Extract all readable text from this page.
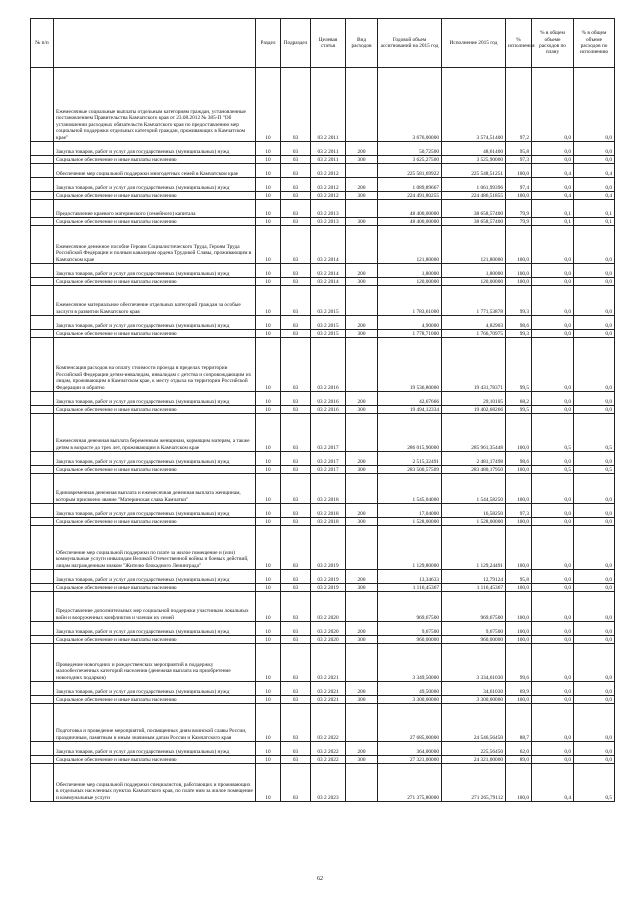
№ п/п		Раздел	Подраздел	Целевая статья	Вид расходов	Годовой объем ассигнований на 2015 год	Исполнение 2015 год	% исполнения	% в общем объеме расходов по плану	% в общем объеме расходов по исполнению
	Ежемесячные социальные выплаты отдельным категориям граждан, установленные постановлением Правительства Камчатского края от 23.08.2012 № 385-П "Об установлении расходных обязательств Камчатского края по предоставлению мер социальной поддержки отдельных категорий граждан, проживающих в Камчатском крае"	10	03	03 2 2011		3 676,00000	3 574,51400	97,2	0,0	0,0
	Закупка товаров, работ и услуг для государственных (муниципальных) нужд	10	03	03 2 2011	200	50,72500	48,61400	95,8	0,0	0,0
	Социальное обеспечение и иные выплаты населению	10	03	03 2 2011	300	3 625,27500	3 525,90000	97,3	0,0	0,0
	Обеспечение мер социальной поддержки многодетных семей в Камчатском крае	10	03	03 2 2012		225 581,69922	225 548,51251	100,0	0,4	0,4
	Закупка товаров, работ и услуг для государственных (муниципальных) нужд	10	03	03 2 2012	200	1 089,89667	1 061,99396	97,4	0,0	0,0
	Социальное обеспечение и иные выплаты населению	10	03	03 2 2012	300	224 491,80255	224 486,51855	100,0	0,4	0,4
	Предоставление краевого материнского (семейного) капитала	10	03	03 2 2013		48 400,00000	38 658,57400	79,9	0,1	0,1
	Социальное обеспечение и иные выплаты населению	10	03	03 2 2013	300	48 400,00000	38 658,57400	79,9	0,1	0,1
	Ежемесячное денежное пособие Героям Социалистического Труда, Героям Труда Российской Федерации и полным кавалерам ордена Трудовой Славы, проживающим в Камчатском крае	10	03	03 2 2014		121,80000	121,80000	100,0	0,0	0,0
	Закупка товаров, работ и услуг для государственных (муниципальных) нужд	10	03	03 2 2014	200	1,80000	1,80000	100,0	0,0	0,0
	Социальное обеспечение и иные выплаты населению	10	03	03 2 2014	300	120,00000	120,00000	100,0	0,0	0,0
	Ежемесячное материальное обеспечение отдельных категорий граждан за особые заслуги в развитии Камчатского края	10	03	03 2 2015		1 783,61000	1 771,53878	99,3	0,0	0,0
	Закупка товаров, работ и услуг для государственных (муниципальных) нужд	10	03	03 2 2015	200	4,90000	4,82903	98,6	0,0	0,0
	Социальное обеспечение и иные выплаты населению	10	03	03 2 2015	300	1 778,71000	1 766,70975	99,3	0,0	0,0
	Компенсация расходов на оплату стоимости проезда в пределах территории Российской Федерации детям-инвалидам, инвалидам с детства и сопровождающим их лицам, проживающим в Камчатском крае, к месту отдыха на территории Российской Федерации и обратно	10	03	03 2 2016		19 536,80000	19 431,78371	99,5	0,0	0,0
	Закупка товаров, работ и услуг для государственных (муниципальных) нужд	10	03	03 2 2016	200	42,67666	29,10105	68,2	0,0	0,0
	Социальное обеспечение и иные выплаты населению	10	03	03 2 2016	300	19 494,12334	19 402,68266	99,5	0,0	0,0
	Ежемесячная денежная выплата беременным женщинам, кормящим матерям, а также детям в возрасте до трех лет, проживающим в Камчатском крае	10	03	03 2 2017		286 015,90000	285 961,35448	100,0	0,5	0,5
	Закупка товаров, работ и услуг для государственных (муниципальных) нужд	10	03	03 2 2017	200	2 515,32491	2 481,17498	98,6	0,0	0,0
	Социальное обеспечение и иные выплаты населению	10	03	03 2 2017	300	283 500,57509	283 480,17950	100,0	0,5	0,5
	Единовременная денежная выплата и ежемесячная денежная выплата женщинам, которым присвоено звание "Материнская слава Камчатки"	10	03	03 2 2018		1 545,04000	1 544,58250	100,0	0,0	0,0
	Закупка товаров, работ и услуг для государственных (муниципальных) нужд	10	03	03 2 2018	200	17,04000	16,58250	97,3	0,0	0,0
	Социальное обеспечение и иные выплаты населению	10	03	03 2 2018	300	1 528,00000	1 528,00000	100,0	0,0	0,0
	Обеспечение мер социальной поддержки по плате за жилое помещение и (или) коммунальные услуги инвалидам Великой Отечественной войны и боевых действий, лицам награжденным знаком "Жителю блокадного Ленинграда"	10	03	03 2 2019		1 129,80000	1 129,24491	100,0	0,0	0,0
	Закупка товаров, работ и услуг для государственных (муниципальных) нужд	10	03	03 2 2019	200	13,34633	12,79124	95,8	0,0	0,0
	Социальное обеспечение и иные выплаты населению	10	03	03 2 2019	300	1 116,45367	1 116,45367	100,0	0,0	0,0
	Предоставление дополнительных мер социальной поддержки участникам локальных войн и вооруженных конфликтов и членам их семей	10	03	03 2 2020		969,67500	969,67500	100,0	0,0	0,0
	Закупка товаров, работ и услуг для государственных (муниципальных) нужд	10	03	03 2 2020	200	9,67500	9,67500	100,0	0,0	0,0
	Социальное обеспечение и иные выплаты населению	10	03	03 2 2020	300	960,00000	960,00000	100,0	0,0	0,0
	Проведение новогодних и рождественских мероприятий в поддержку малообеспеченных категорий населения (денежная выплата на приобретение новогодних подарков)	10	03	03 2 2021		3 349,50000	3 334,61030	99,6	0,0	0,0
	Закупка товаров, работ и услуг для государственных (муниципальных) нужд	10	03	03 2 2021	200	49,50000	34,61030	69,9	0,0	0,0
	Социальное обеспечение и иные выплаты населению	10	03	03 2 2021	300	3 300,00000	3 300,00000	100,0	0,0	0,0
	Подготовка и проведение мероприятий, посвященных дням воинской славы России, праздничным, памятным и иным значимым датам России и Камчатского края	10	03	03 2 2022		27 685,00000	24 546,56450	88,7	0,0	0,0
	Закупка товаров, работ и услуг для государственных (муниципальных) нужд	10	03	03 2 2022	200	364,00000	225,56450	62,0	0,0	0,0
	Социальное обеспечение и иные выплаты населению	10	03	03 2 2022	300	27 321,00000	24 321,00000	89,0	0,0	0,0
	Обеспечение мер социальной поддержки специалистов, работающих и проживающих в отдельных населенных пунктах Камчатского края, по плате ним за жилое помещение и коммунальные услуги	10	03	03 2 2023		271 375,80000	271 265,79112	100,0	0,4	0,5
62
